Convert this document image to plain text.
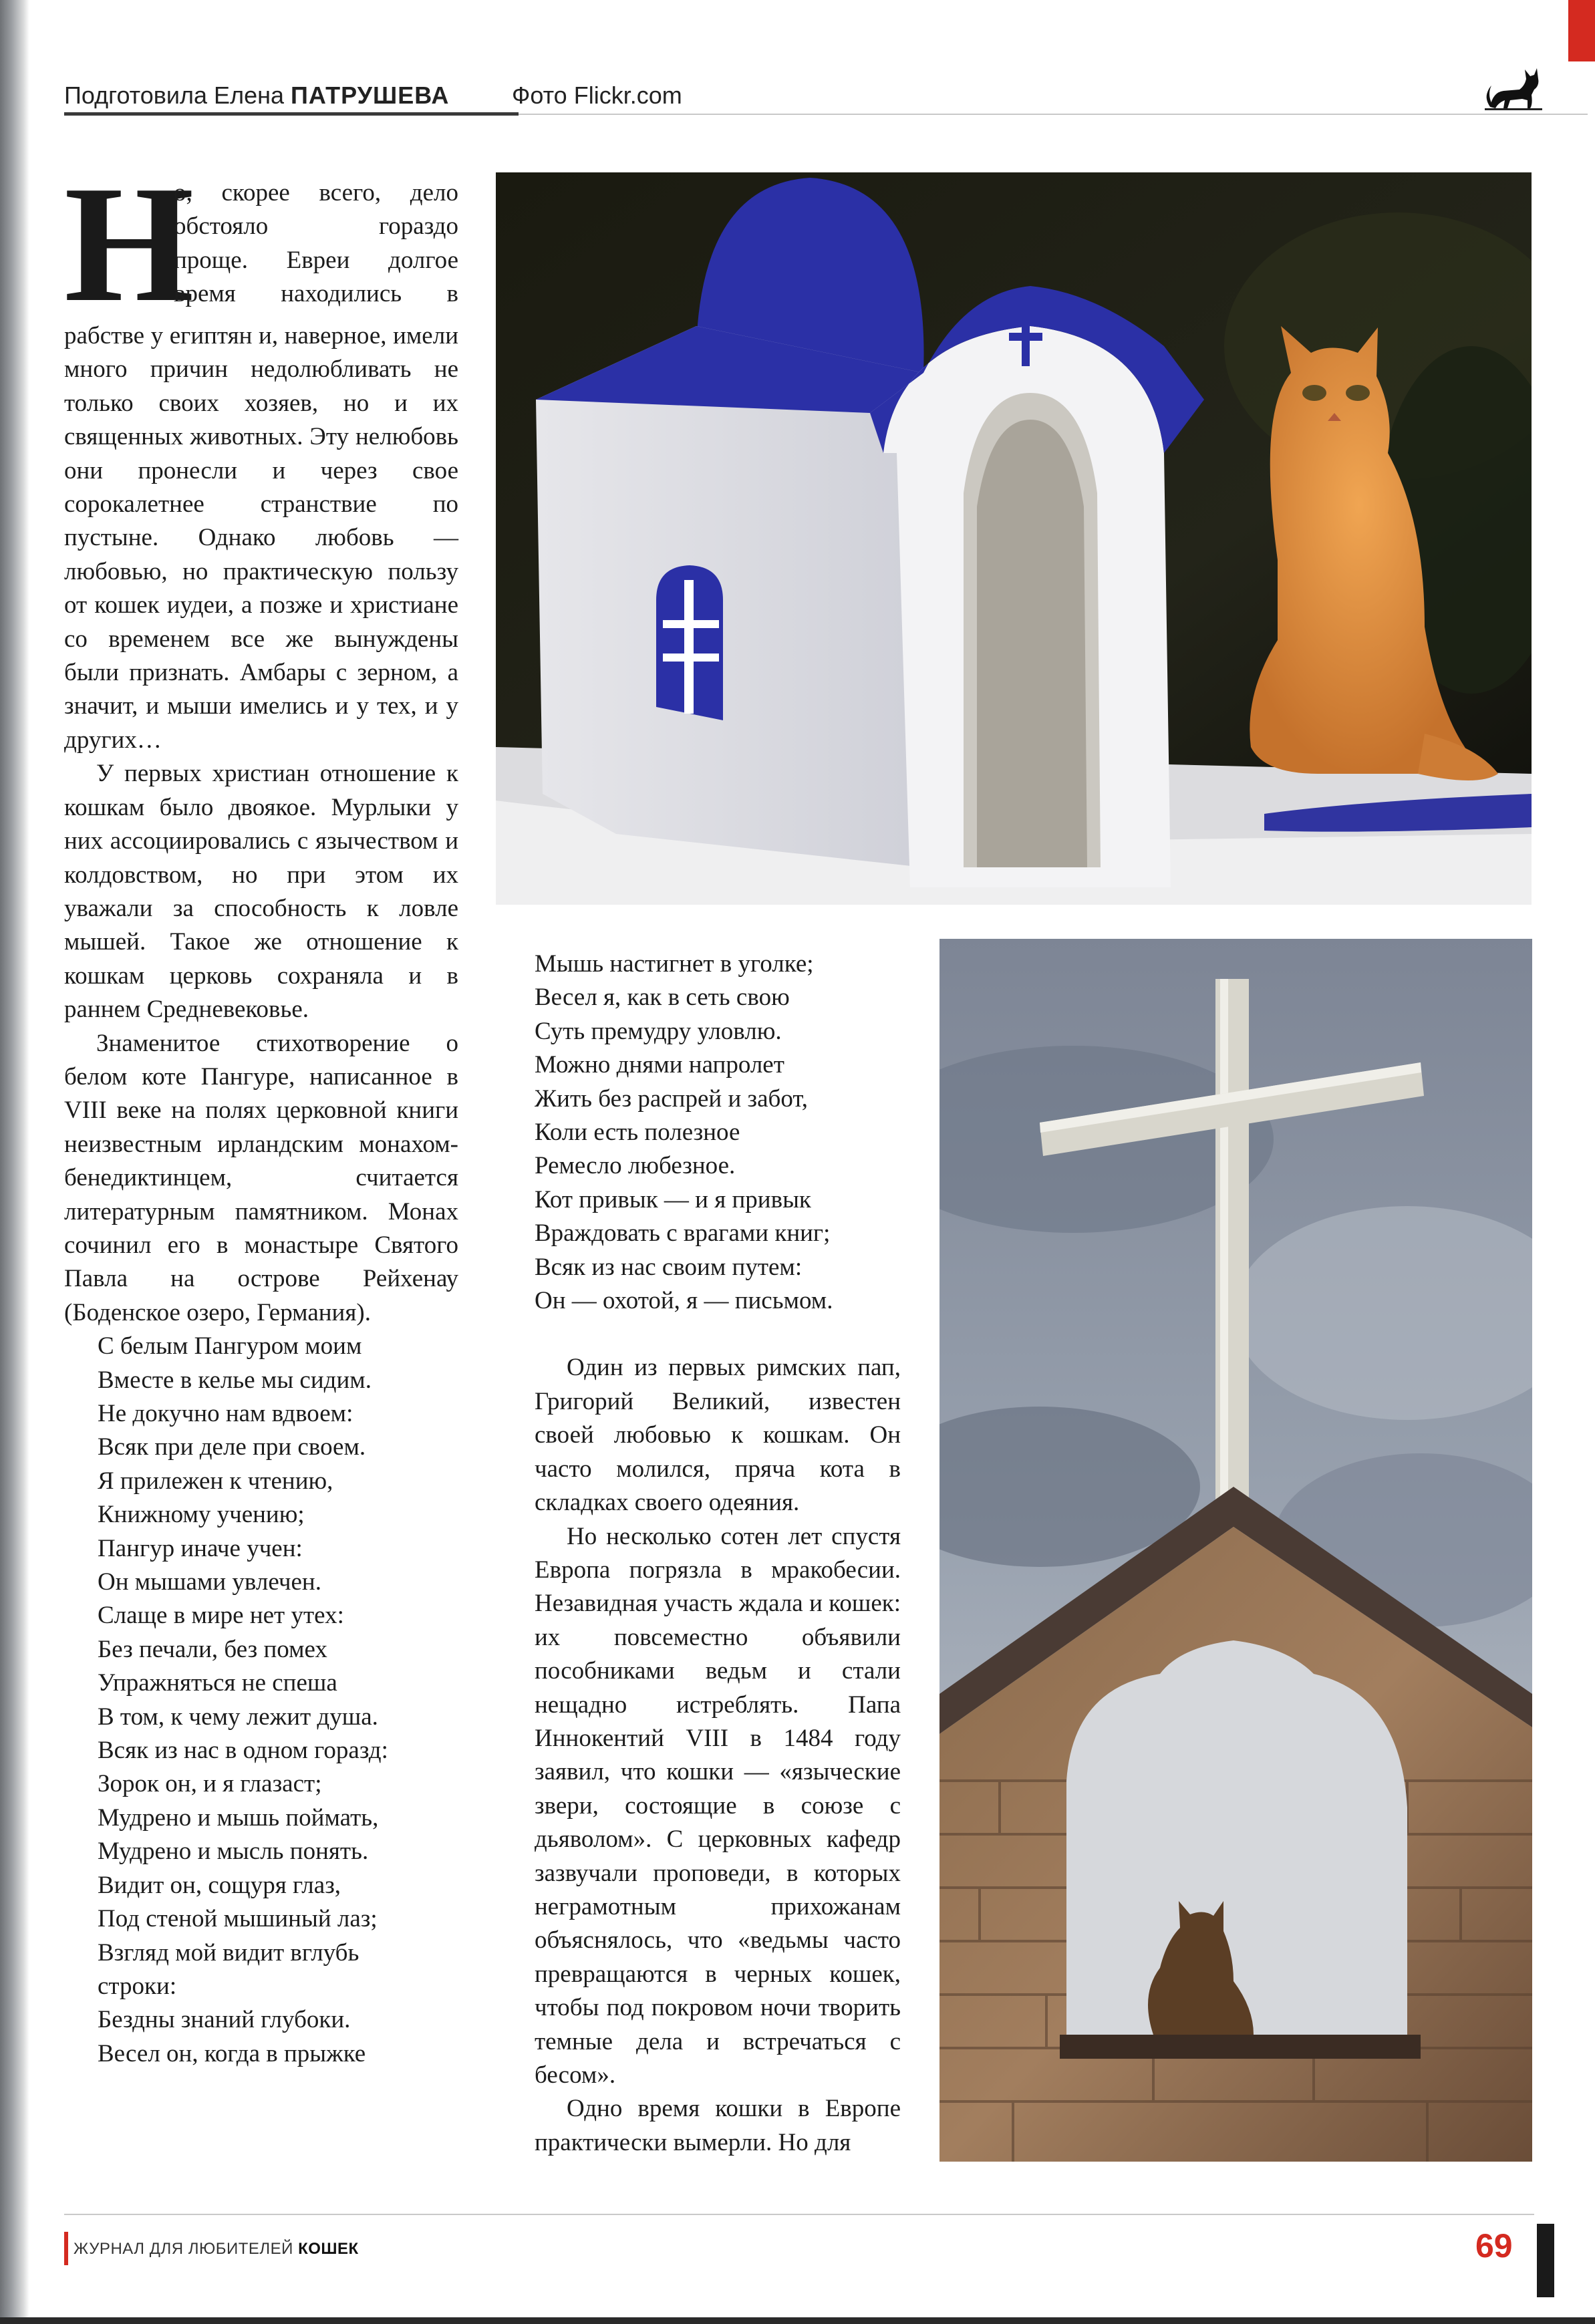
Подготовила Елена ПАТРУШЕВА	Фото Flickr.com
Н

о, скорее всего, дело
обстояло гораздо
проще. Евреи долгое
время находились в

рабстве у египтян и, наверное, имели много причин недолюбливать не только своих хозяев, но и их священных животных. Эту нелюбовь они пронесли и через свое сорокалетнее странствие по пустыне. Однако любовь — любовью, но практическую пользу от кошек иудеи, а позже и христиане со временем все же вынуждены были признать. Амбары с зерном, а значит, и мыши имелись и у тех, и у других…

У первых христиан отношение к кошкам было двоякое. Мурлыки у них ассоциировались с язычеством и колдовством, но при этом их уважали за способность к ловле мышей. Такое же отношение к кошкам церковь сохраняла и в раннем Средневековье.

Знаменитое стихотворение о белом коте Пангуре, написанное в VIII веке на полях церковной книги неизвестным ирландским монахом-бенедиктинцем, считается литературным памятником. Монах сочинил его в монастыре Святого Павла на острове Рейхенау (Боденское озеро, Германия).

С белым Пангуром моим
Вместе в келье мы сидим.
Не докучно нам вдвоем:
Всяк при деле при своем.
Я прилежен к чтению,
Книжному учению;
Пангур иначе учен:
Он мышами увлечен.
Слаще в мире нет утех:
Без печали, без помех
Упражняться не спеша
В том, к чему лежит душа.
Всяк из нас в одном горазд:
Зорок он, и я глазаст;
Мудрено и мышь поймать,
Мудрено и мысль понять.
Видит он, сощуря глаз,
Под стеной мышиный лаз;
Взгляд мой видит вглубь
строки:
Бездны знаний глубоки.
Весел он, когда в прыжке
Мышь настигнет в уголке;
Весел я, как в сеть свою
Суть премудру уловлю.
Можно днями напролет
Жить без распрей и забот,
Коли есть полезное
Ремесло любезное.
Кот привык — и я привык
Враждовать с врагами книг;
Всяк из нас своим путем:
Он — охотой, я — письмом.

Один из первых римских пап, Григорий Великий, известен своей любовью к кошкам. Он часто молился, пряча кота в складках своего одеяния.

Но несколько сотен лет спустя Европа погрязла в мракобесии. Незавидная участь ждала и кошек: их повсеместно объявили пособниками ведьм и стали нещадно истреблять. Папа Иннокентий VIII в 1484 году заявил, что кошки — «языческие звери, состоящие в союзе с дьяволом». С церковных кафедр зазвучали проповеди, в которых неграмотным прихожанам объяснялось, что «ведьмы часто превращаются в черных кошек, чтобы под покровом ночи творить темные дела и встречаться с бесом».

Одно время кошки в Европе практически вымерли. Но для

ЖУРНАЛ ДЛЯ ЛЮБИТЕЛЕЙ КОШЕК	69
